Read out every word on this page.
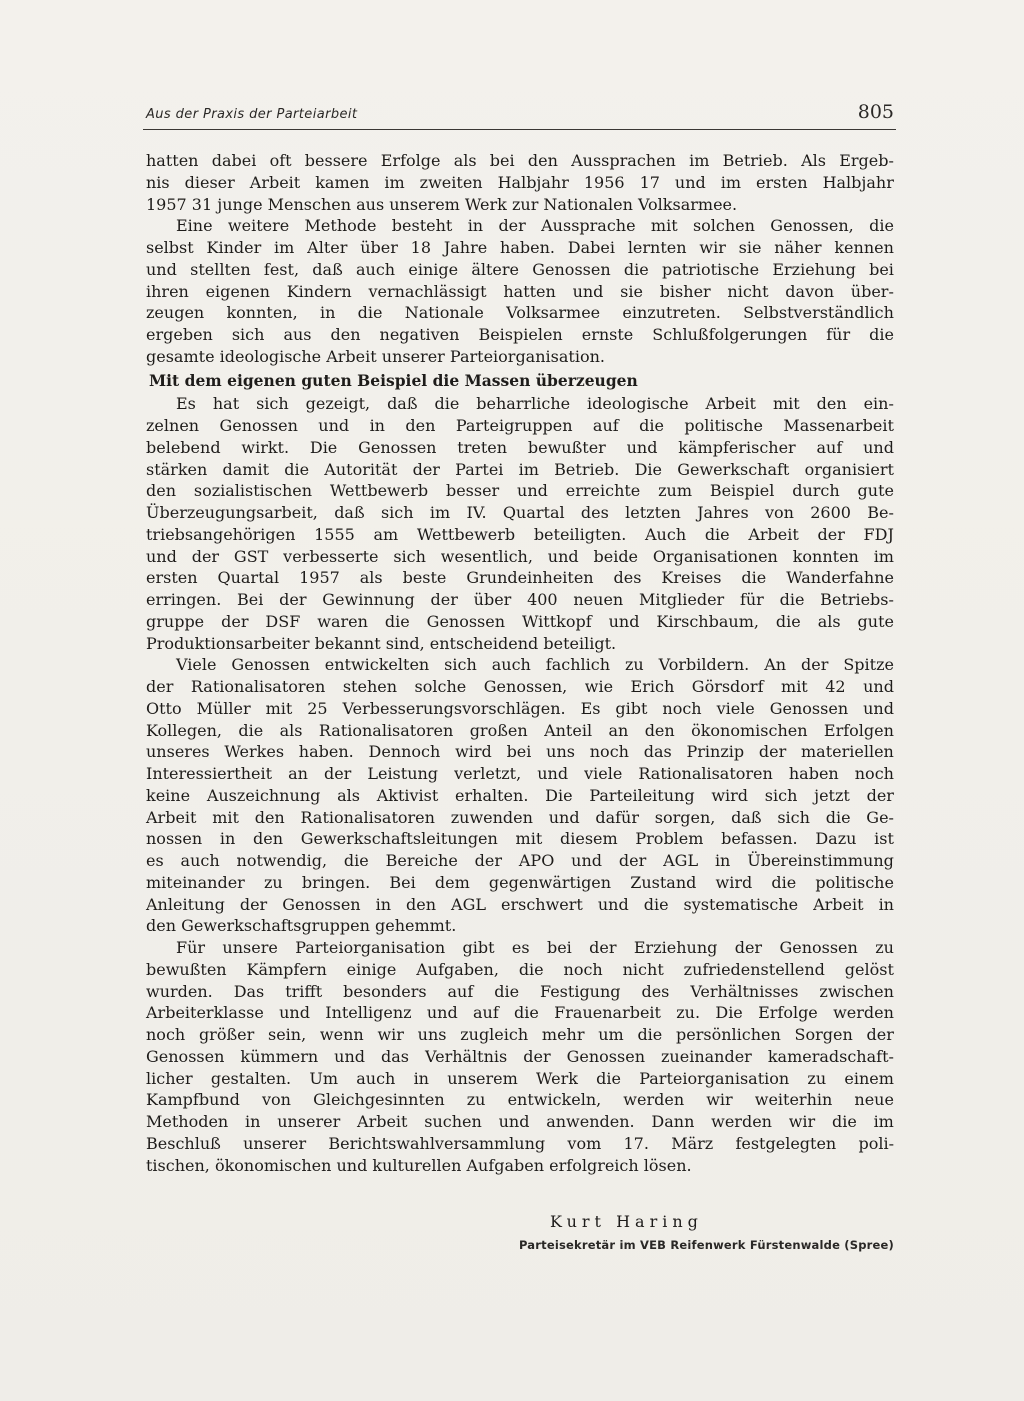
Aus der Praxis der Parteiarbeit	805
hatten dabei oft bessere Erfolge als bei den Aussprachen im Betrieb. Als Ergeb-
nis dieser Arbeit kamen im zweiten Halbjahr 1956 17 und im ersten Halbjahr
1957 31 junge Menschen aus unserem Werk zur Nationalen Volksarmee.
Eine weitere Methode besteht in der Aussprache mit solchen Genossen, die
selbst Kinder im Alter über 18 Jahre haben. Dabei lernten wir sie näher kennen
und stellten fest, daß auch einige ältere Genossen die patriotische Erziehung bei
ihren eigenen Kindern vernachlässigt hatten und sie bisher nicht davon über-
zeugen konnten, in die Nationale Volksarmee einzutreten. Selbstverständlich
ergeben sich aus den negativen Beispielen ernste Schlußfolgerungen für die
gesamte ideologische Arbeit unserer Parteiorganisation.
Mit dem eigenen guten Beispiel die Massen überzeugen
Es hat sich gezeigt, daß die beharrliche ideologische Arbeit mit den ein-
zelnen Genossen und in den Parteigruppen auf die politische Massenarbeit
belebend wirkt. Die Genossen treten bewußter und kämpferischer auf und
stärken damit die Autorität der Partei im Betrieb. Die Gewerkschaft organisiert
den sozialistischen Wettbewerb besser und erreichte zum Beispiel durch gute
Überzeugungsarbeit, daß sich im IV. Quartal des letzten Jahres von 2600 Be-
triebsangehörigen 1555 am Wettbewerb beteiligten. Auch die Arbeit der FDJ
und der GST verbesserte sich wesentlich, und beide Organisationen konnten im
ersten Quartal 1957 als beste Grundeinheiten des Kreises die Wanderfahne
erringen. Bei der Gewinnung der über 400 neuen Mitglieder für die Betriebs-
gruppe der DSF waren die Genossen Wittkopf und Kirschbaum, die als gute
Produktionsarbeiter bekannt sind, entscheidend beteiligt.
Viele Genossen entwickelten sich auch fachlich zu Vorbildern. An der Spitze
der Rationalisatoren stehen solche Genossen, wie Erich Görsdorf mit 42 und
Otto Müller mit 25 Verbesserungsvorschlägen. Es gibt noch viele Genossen und
Kollegen, die als Rationalisatoren großen Anteil an den ökonomischen Erfolgen
unseres Werkes haben. Dennoch wird bei uns noch das Prinzip der materiellen
Interessiertheit an der Leistung verletzt, und viele Rationalisatoren haben noch
keine Auszeichnung als Aktivist erhalten. Die Parteileitung wird sich jetzt der
Arbeit mit den Rationalisatoren zuwenden und dafür sorgen, daß sich die Ge-
nossen in den Gewerkschaftsleitungen mit diesem Problem befassen. Dazu ist
es auch notwendig, die Bereiche der APO und der AGL in Übereinstimmung
miteinander zu bringen. Bei dem gegenwärtigen Zustand wird die politische
Anleitung der Genossen in den AGL erschwert und die systematische Arbeit in
den Gewerkschaftsgruppen gehemmt.
Für unsere Parteiorganisation gibt es bei der Erziehung der Genossen zu
bewußten Kämpfern einige Aufgaben, die noch nicht zufriedenstellend gelöst
wurden. Das trifft besonders auf die Festigung des Verhältnisses zwischen
Arbeiterklasse und Intelligenz und auf die Frauenarbeit zu. Die Erfolge werden
noch größer sein, wenn wir uns zugleich mehr um die persönlichen Sorgen der
Genossen kümmern und das Verhältnis der Genossen zueinander kameradschaft-
licher gestalten. Um auch in unserem Werk die Parteiorganisation zu einem
Kampfbund von Gleichgesinnten zu entwickeln, werden wir weiterhin neue
Methoden in unserer Arbeit suchen und anwenden. Dann werden wir die im
Beschluß unserer Berichtswahlversammlung vom 17. März festgelegten poli-
tischen, ökonomischen und kulturellen Aufgaben erfolgreich lösen.
Kurt Haring
Parteisekretär im VEB Reifenwerk Fürstenwalde (Spree)
